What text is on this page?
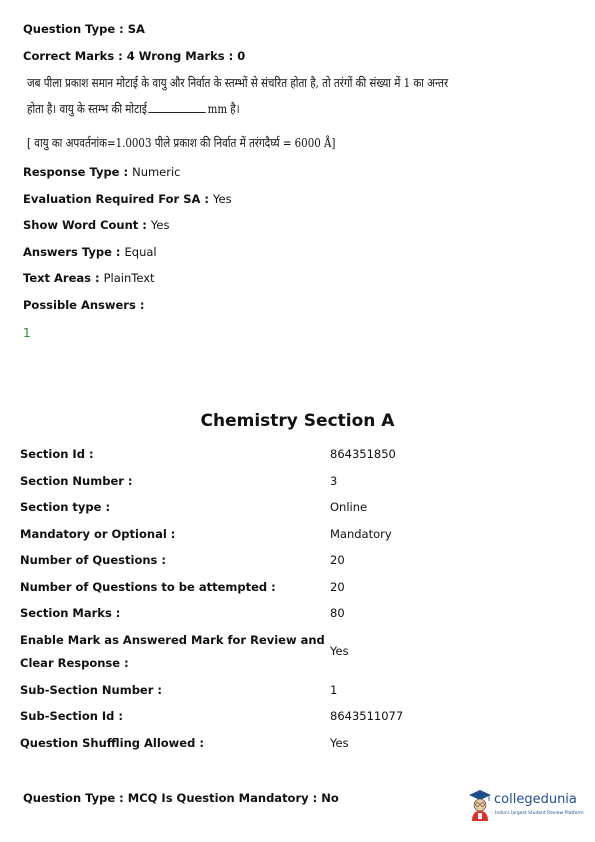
Question Type : SA
Correct Marks : 4 Wrong Marks : 0
जब पीला प्रकाश समान मोटाई के वायु और निर्वात के स्तम्भों से संचरित होता है, तो तरंगों की संख्या में 1 का अन्तर
होता है। वायु के स्तम्भ की मोटाई	mm है।
[ वायु का अपवर्तनांक=1.0003 पीले प्रकाश की निर्वात में तरंगदैर्घ्य = 6000 Å]
Response Type : Numeric
Evaluation Required For SA : Yes
Show Word Count : Yes
Answers Type : Equal
Text Areas : PlainText
Possible Answers :
1
Chemistry Section A
Section Id :	864351850
Section Number :	3
Section type :	Online
Mandatory or Optional :	Mandatory
Number of Questions :	20
Number of Questions to be attempted :	20
Section Marks :	80
Enable Mark as Answered Mark for Review and
Clear Response :
Yes
Sub-Section Number :	1
Sub-Section Id :	8643511077
Question Shuffling Allowed :	Yes
Question Type : MCQ Is Question Mandatory : No	collegedunia
India's largest Student Review Platform
